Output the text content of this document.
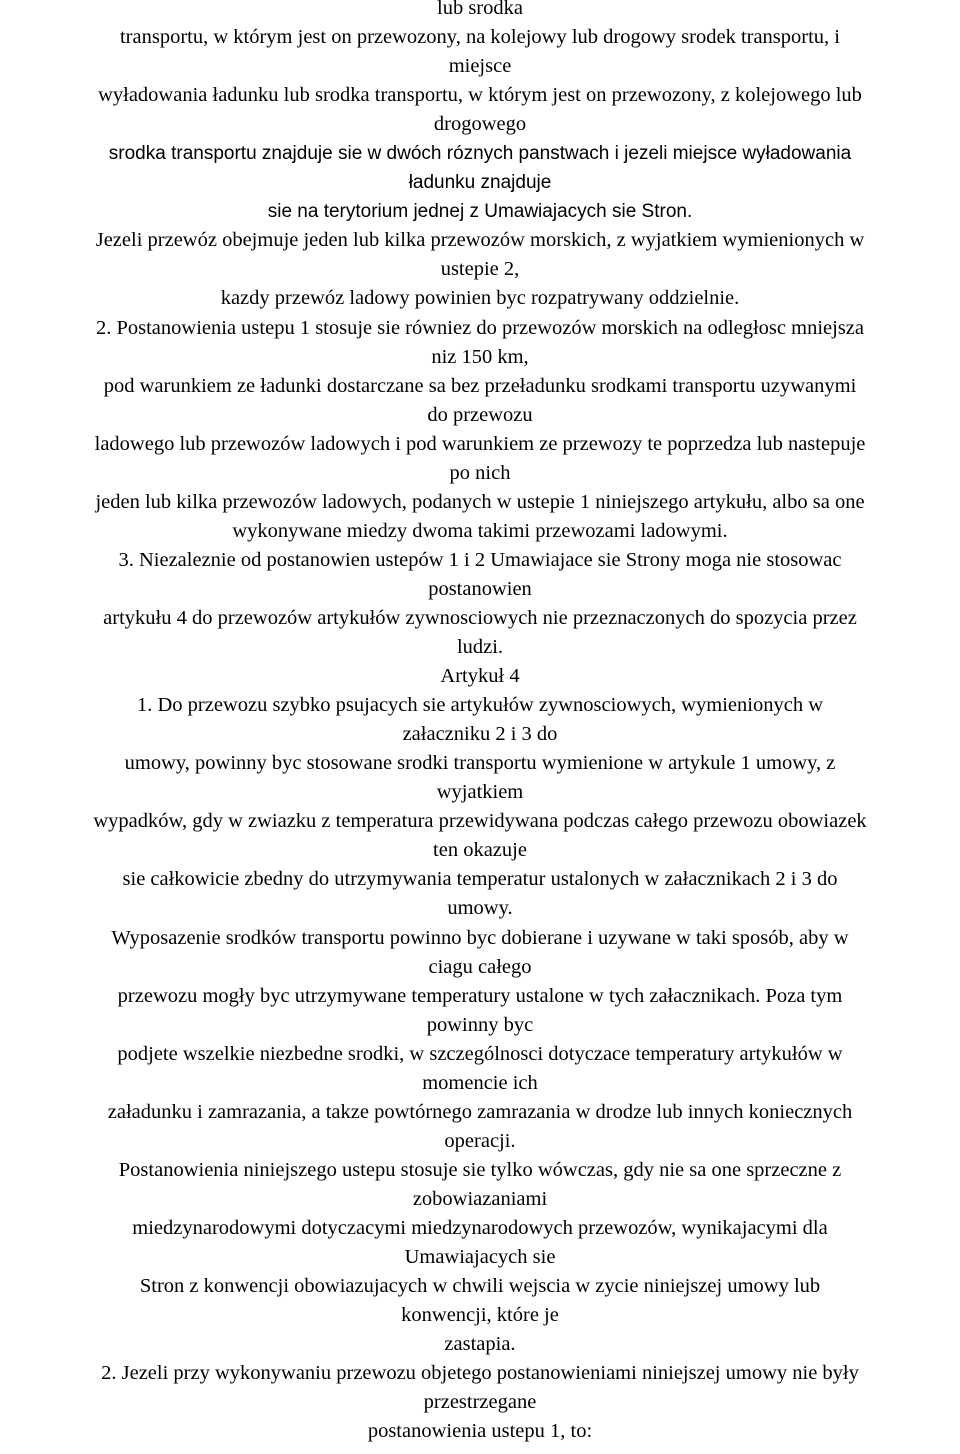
lub srodka
transportu, w którym jest on przewozony, na kolejowy lub drogowy srodek transportu, i
miejsce
wyładowania ładunku lub srodka transportu, w którym jest on przewozony, z kolejowego lub
drogowego
srodka transportu znajduje sie w dwóch róznych panstwach i jezeli miejsce wyładowania
ładunku znajduje
sie na terytorium jednej z Umawiajacych sie Stron.
Jezeli przewóz obejmuje jeden lub kilka przewozów morskich, z wyjatkiem wymienionych w
ustepie 2,
kazdy przewóz ladowy powinien byc rozpatrywany oddzielnie.
2. Postanowienia ustepu 1 stosuje sie równiez do przewozów morskich na odległosc mniejsza
niz 150 km,
pod warunkiem ze ładunki dostarczane sa bez przeładunku srodkami transportu uzywanymi
do przewozu
ladowego lub przewozów ladowych i pod warunkiem ze przewozy te poprzedza lub nastepuje
po nich
jeden lub kilka przewozów ladowych, podanych w ustepie 1 niniejszego artykułu, albo sa one
wykonywane miedzy dwoma takimi przewozami ladowymi.
3. Niezaleznie od postanowien ustepów 1 i 2 Umawiajace sie Strony moga nie stosowac
postanowien
artykułu 4 do przewozów artykułów zywnosciowych nie przeznaczonych do spozycia przez
ludzi.
Artykuł 4
1. Do przewozu szybko psujacych sie artykułów zywnosciowych, wymienionych w
załaczniku 2 i 3 do
umowy, powinny byc stosowane srodki transportu wymienione w artykule 1 umowy, z
wyjatkiem
wypadków, gdy w zwiazku z temperatura przewidywana podczas całego przewozu obowiazek
ten okazuje
sie całkowicie zbedny do utrzymywania temperatur ustalonych w załacznikach 2 i 3 do
umowy.
Wyposazenie srodków transportu powinno byc dobierane i uzywane w taki sposób, aby w
ciagu całego
przewozu mogły byc utrzymywane temperatury ustalone w tych załacznikach. Poza tym
powinny byc
podjete wszelkie niezbedne srodki, w szczególnosci dotyczace temperatury artykułów w
momencie ich
załadunku i zamrazania, a takze powtórnego zamrazania w drodze lub innych koniecznych
operacji.
Postanowienia niniejszego ustepu stosuje sie tylko wówczas, gdy nie sa one sprzeczne z
zobowiazaniami
miedzynarodowymi dotyczacymi miedzynarodowych przewozów, wynikajacymi dla
Umawiajacych sie
Stron z konwencji obowiazujacych w chwili wejscia w zycie niniejszej umowy lub
konwencji, które je
zastapia.
2. Jezeli przy wykonywaniu przewozu objetego postanowieniami niniejszej umowy nie były
przestrzegane
postanowienia ustepu 1, to:
